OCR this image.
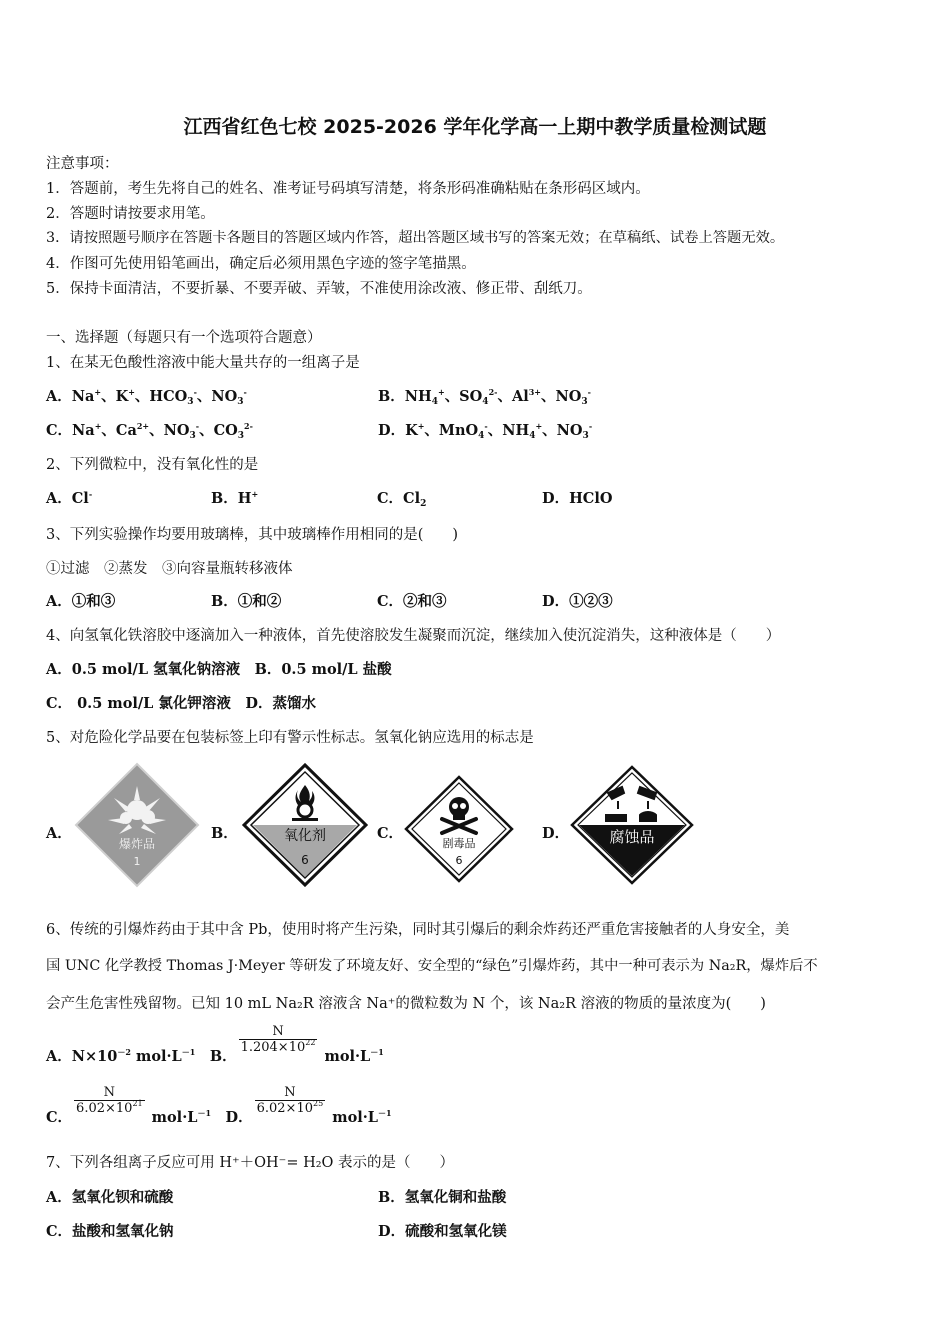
江西省红色七校 2025-2026 学年化学高一上期中教学质量检测试题
注意事项：
1．答题前，考生先将自己的姓名、准考证号码填写清楚，将条形码准确粘贴在条形码区域内。
2．答题时请按要求用笔。
3．请按照题号顺序在答题卡各题目的答题区域内作答，超出答题区域书写的答案无效；在草稿纸、试卷上答题无效。
4．作图可先使用铅笔画出，确定后必须用黑色字迹的签字笔描黑。
5．保持卡面清洁，不要折暴、不要弄破、弄皱，不准使用涂改液、修正带、刮纸刀。
一、选择题（每题只有一个选项符合题意）
1、在某无色酸性溶液中能大量共存的一组离子是
A．Na+、K+、$HCO_3^-$、$NO_3^-$	B．$NH_4^+$、$SO_4^{2-}$、$Al^{3+}$、$NO_3^-$
C．Na+、$Ca^{2+}$、$NO_3^-$、$CO_3^{2-}$	D．K+、MnO$_4$-、$NH_4^+$、$NO_3^-$
2、下列微粒中，没有氧化性的是
A．Cl-	B．H+	C．$Cl_2$	D．HClO
3、下列实验操作均要用玻璃棒，其中玻璃棒作用相同的是(　　)
①过滤　②蒸发　③向容量瓶转移液体
A．①和③	B．①和②	C．②和③	D．①②③
4、向氢氧化铁溶胶中逐滴加入一种液体，首先使溶胶发生凝聚而沉淀，继续加入使沉淀消失，这种液体是（　　）
A．0.5 mol/L 氢氧化钠溶液　B．0.5 mol/L 盐酸
C． 0.5 mol/L 氯化钾溶液　D．蒸馏水
5、对危险化学品要在包装标签上印有警示性标志。氢氧化钠应选用的标志是
A．
爆炸品
1
B．	氧化剂
6
C．
剧毒品
6
D．	腐蚀品
6、传统的引爆炸药由于其中含 Pb，使用时将产生污染，同时其引爆后的剩余炸药还严重危害接触者的人身安全，美
国 UNC 化学教授 Thomas J·Meyer 等研发了环境友好、安全型的“绿色”引爆炸药，其中一种可表示为 Na₂R，爆炸后不
会产生危害性残留物。已知 10 mL Na₂R 溶液含 Na⁺的微粒数为 N 个，该 Na₂R 溶液的物质的量浓度为(　　)
A．$N\times 10^{-2}$ $mol\cdot L^{-1}$　B．
$\frac{N}{1.204\times 10^{22}}$
$mol\cdot L^{-1}$
C．
$\frac{N}{6.02\times 10^{21}}$
$mol\cdot L^{-1}$　D．
$\frac{N}{6.02\times 10^{25}}$
$mol\cdot L^{-1}$
7、下列各组离子反应可用 H⁺＋OH⁻= H₂O 表示的是（　　）
A．氢氧化钡和硫酸	B．氢氧化铜和盐酸
C．盐酸和氢氧化钠	D．硫酸和氢氧化镁
